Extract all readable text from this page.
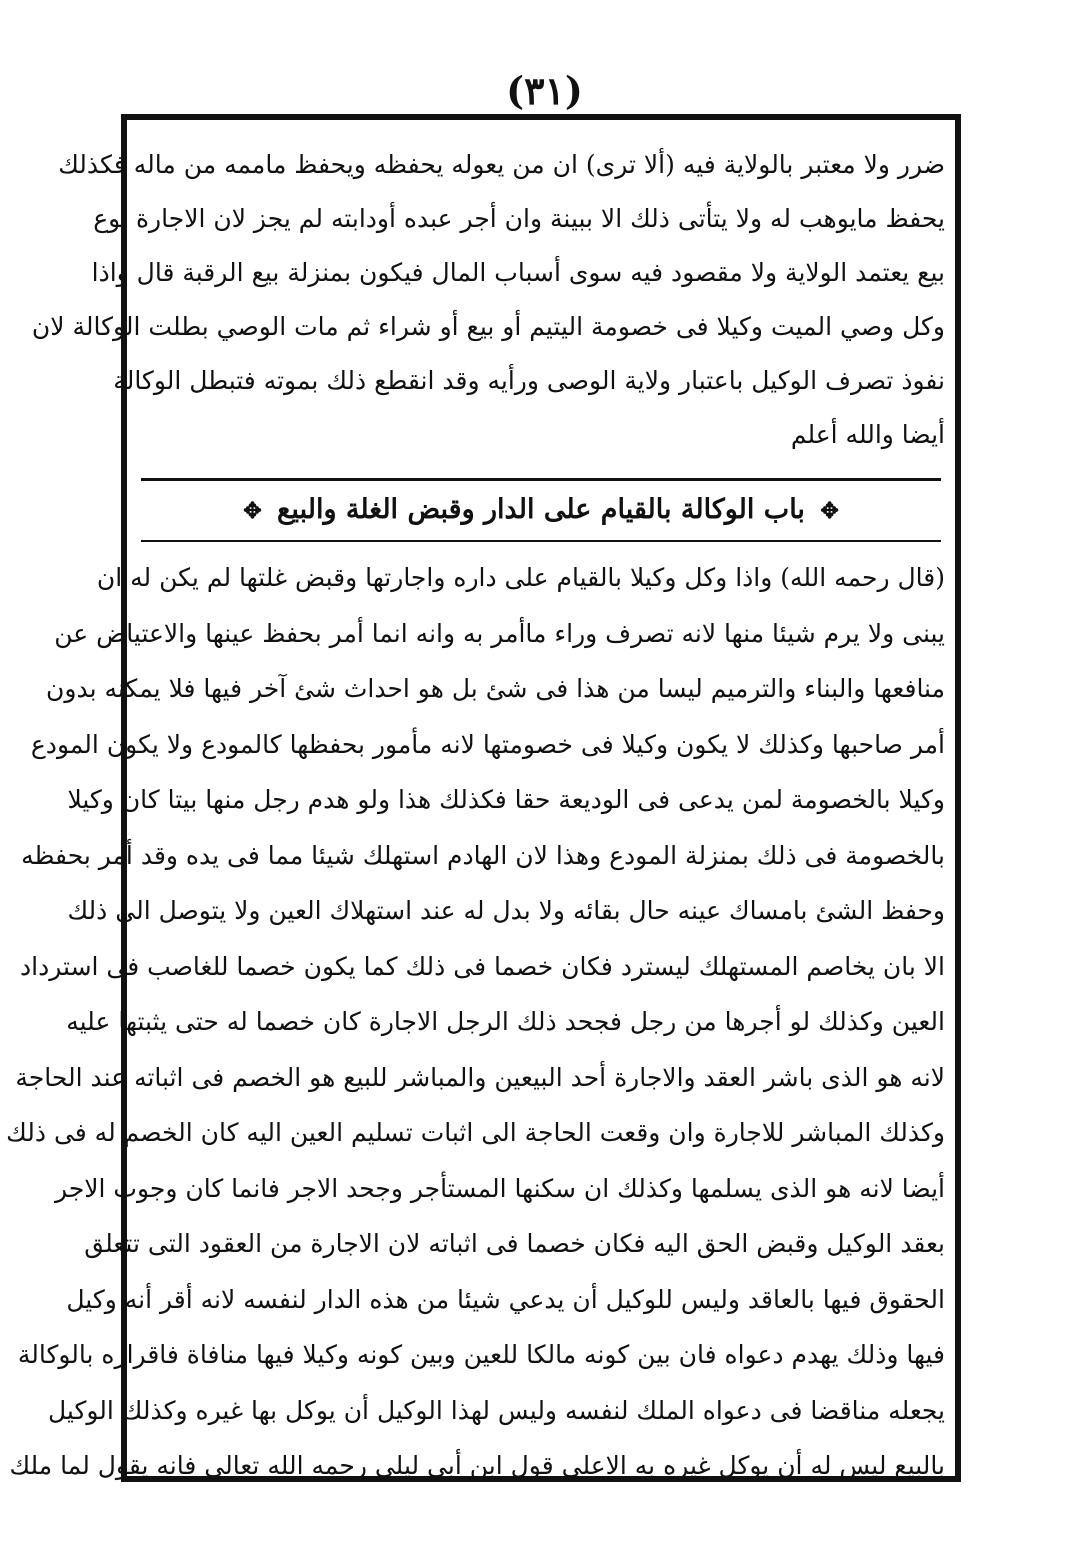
(٣١)
ضرر ولا معتبر بالولاية فيه (ألا ترى) ان من يعوله يحفظه ويحفظ ماممه من ماله فكذلك
يحفظ مايوهب له ولا يتأتى ذلك الا ببينة وان أجر عبده أودابته لم يجز لان الاجارة نوع
بيع يعتمد الولاية ولا مقصود فيه سوى أسباب المال فيكون بمنزلة بيع الرقبة قال واذا
وكل وصي الميت وكيلا فى خصومة اليتيم أو بيع أو شراء ثم مات الوصي بطلت الوكالة لان
نفوذ تصرف الوكيل باعتبار ولاية الوصى ورأيه وقد انقطع ذلك بموته فتبطل الوكالة
أيضا والله أعلم
✥ باب الوكالة بالقيام على الدار وقبض الغلة والبيع ✥
(قال رحمه الله) واذا وكل وكيلا بالقيام على داره واجارتها وقبض غلتها لم يكن له ان
يبنى ولا يرم شيئا منها لانه تصرف وراء ماأمر به وانه انما أمر بحفظ عينها والاعتياض عن
منافعها والبناء والترميم ليسا من هذا فى شئ بل هو احداث شئ آخر فيها فلا يمكنه بدون
أمر صاحبها وكذلك لا يكون وكيلا فى خصومتها لانه مأمور بحفظها كالمودع ولا يكون المودع
وكيلا بالخصومة لمن يدعى فى الوديعة حقا فكذلك هذا ولو هدم رجل منها بيتا كان وكيلا
بالخصومة فى ذلك بمنزلة المودع وهذا لان الهادم استهلك شيئا مما فى يده وقد أمر بحفظه
وحفظ الشئ بامساك عينه حال بقائه ولا بدل له عند استهلاك العين ولا يتوصل الى ذلك
الا بان يخاصم المستهلك ليسترد فكان خصما فى ذلك كما يكون خصما للغاصب فى استرداد
العين وكذلك لو أجرها من رجل فجحد ذلك الرجل الاجارة كان خصما له حتى يثبتها عليه
لانه هو الذى باشر العقد والاجارة أحد البيعين والمباشر للبيع هو الخصم فى اثباته عند الحاجة
وكذلك المباشر للاجارة وان وقعت الحاجة الى اثبات تسليم العين اليه كان الخصم له فى ذلك
أيضا لانه هو الذى يسلمها وكذلك ان سكنها المستأجر وجحد الاجر فانما كان وجوب الاجر
بعقد الوكيل وقبض الحق اليه فكان خصما فى اثباته لان الاجارة من العقود التى تتعلق
الحقوق فيها بالعاقد وليس للوكيل أن يدعي شيئا من هذه الدار لنفسه لانه أقر أنه وكيل
فيها وذلك يهدم دعواه فان بين كونه مالكا للعين وبين كونه وكيلا فيها منافاة فاقراره بالوكالة
يجعله مناقضا فى دعواه الملك لنفسه وليس لهذا الوكيل أن يوكل بها غيره وكذلك الوكيل
بالبيع ليس له أن يوكل غيره به الاعلى قول ابن أبى ليلى رحمه الله تعالى فانه يقول لما ملك
